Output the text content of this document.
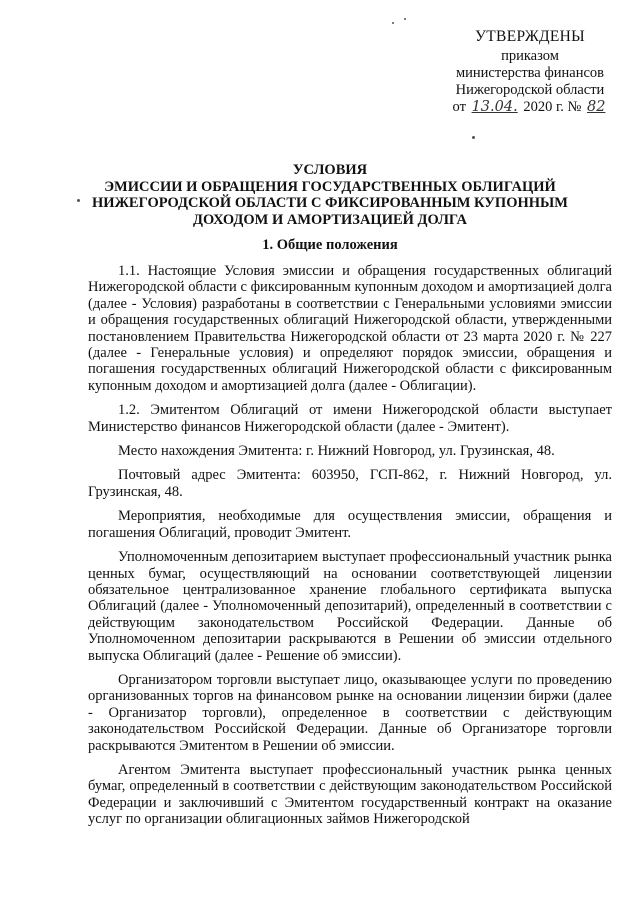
УТВЕРЖДЕНЫ
приказом
министерства финансов
Нижегородской области
от 13.04. 2020 г. № 82
УСЛОВИЯ
ЭМИССИИ И ОБРАЩЕНИЯ ГОСУДАРСТВЕННЫХ ОБЛИГАЦИЙ
НИЖЕГОРОДСКОЙ ОБЛАСТИ С ФИКСИРОВАННЫМ КУПОННЫМ
ДОХОДОМ И АМОРТИЗАЦИЕЙ ДОЛГА
1. Общие положения

1.1. Настоящие Условия эмиссии и обращения государственных облигаций Нижегородской области с фиксированным купонным доходом и амортизацией долга (далее - Условия) разработаны в соответствии с Генеральными условиями эмиссии и обращения государственных облигаций Нижегородской области, утвержденными постановлением Правительства Нижегородской области от 23 марта 2020 г. № 227 (далее - Генеральные условия) и определяют порядок эмиссии, обращения и погашения государственных облигаций Нижегородской области с фиксированным купонным доходом и амортизацией долга (далее - Облигации).

1.2. Эмитентом Облигаций от имени Нижегородской области выступает Министерство финансов Нижегородской области (далее - Эмитент).

Место нахождения Эмитента: г. Нижний Новгород, ул. Грузинская, 48.

Почтовый адрес Эмитента: 603950, ГСП-862, г. Нижний Новгород, ул. Грузинская, 48.

Мероприятия, необходимые для осуществления эмиссии, обращения и погашения Облигаций, проводит Эмитент.

Уполномоченным депозитарием выступает профессиональный участник рынка ценных бумаг, осуществляющий на основании соответствующей лицензии обязательное централизованное хранение глобального сертификата выпуска Облигаций (далее - Уполномоченный депозитарий), определенный в соответствии с действующим законодательством Российской Федерации. Данные об Уполномоченном депозитарии раскрываются в Решении об эмиссии отдельного выпуска Облигаций (далее - Решение об эмиссии).

Организатором торговли выступает лицо, оказывающее услуги по проведению организованных торгов на финансовом рынке на основании лицензии биржи (далее - Организатор торговли), определенное в соответствии с действующим законодательством Российской Федерации. Данные об Организаторе торговли раскрываются Эмитентом в Решении об эмиссии.

Агентом Эмитента выступает профессиональный участник рынка ценных бумаг, определенный в соответствии с действующим законодательством Российской Федерации и заключивший с Эмитентом государственный контракт на оказание услуг по организации облигационных займов Нижегородской
